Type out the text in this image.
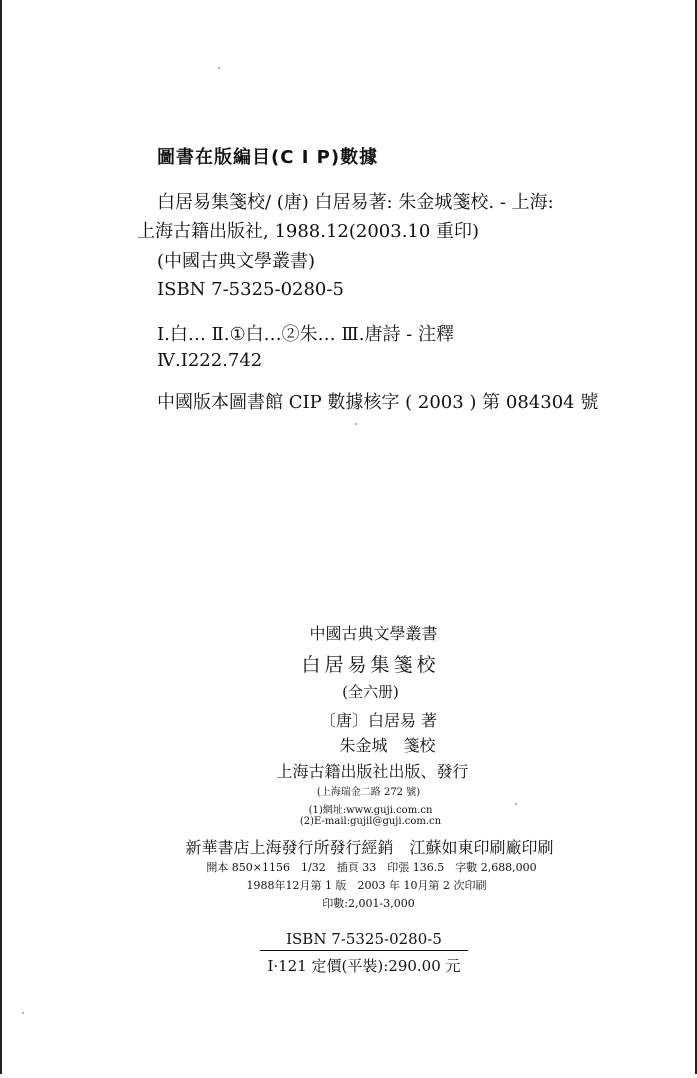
圖書在版編目(C I P)數據
白居易集箋校/ (唐) 白居易著: 朱金城箋校. - 上海:
上海古籍出版社, 1988.12(2003.10 重印)
(中國古典文學叢書)
ISBN 7-5325-0280-5
Ⅰ.白… Ⅱ.①白…②朱… Ⅲ.唐詩 - 注釋
Ⅳ.I222.742
中國版本圖書館 CIP 數據核字 ( 2003 ) 第 084304 號
中國古典文學叢書
白居易集箋校
(全六册)
〔唐〕白居易 著
朱金城　箋校
上海古籍出版社出版、發行
(上海瑞金二路 272 號)
(1)網址:www.guji.com.cn
(2)E-mail:gujil@guji.com.cn
新華書店上海發行所發行經銷　江蘇如東印刷廠印刷
開本 850×1156　1/32　插頁 33　印張 136.5　字數 2,688,000
1988年12月第 1 版　2003 年 10月第 2 次印刷
印數:2,001-3,000
ISBN 7-5325-0280-5
I·121 定價(平裝):290.00 元
